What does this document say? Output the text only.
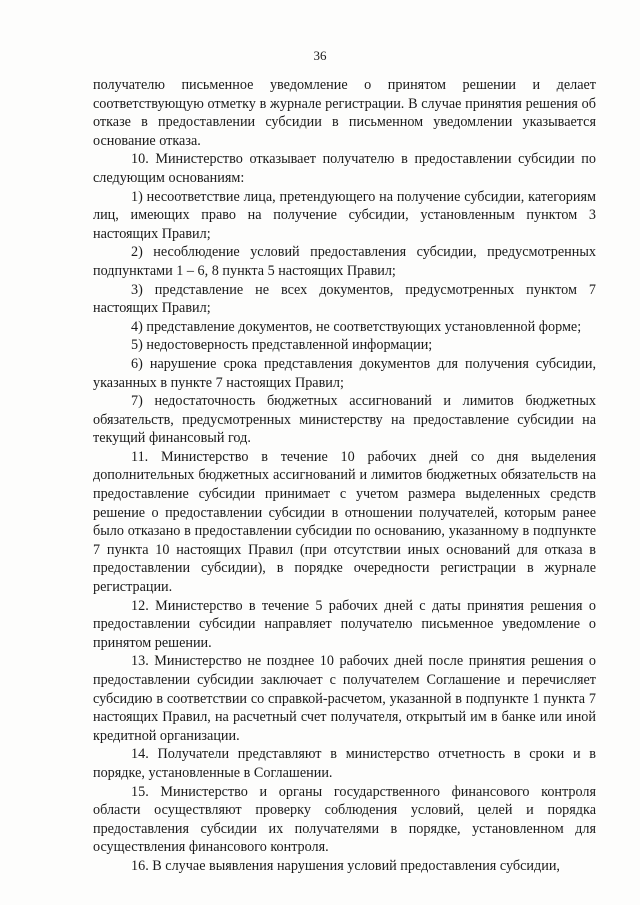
36

получателю письменное уведомление о принятом решении и делает соответствующую отметку в журнале регистрации. В случае принятия решения об отказе в предоставлении субсидии в письменном уведомлении указывается основание отказа.

10. Министерство отказывает получателю в предоставлении субсидии по следующим основаниям:

1) несоответствие лица, претендующего на получение субсидии, категориям лиц, имеющих право на получение субсидии, установленным пунктом 3 настоящих Правил;

2) несоблюдение условий предоставления субсидии, предусмотренных подпунктами 1 – 6, 8 пункта 5 настоящих Правил;

3) представление не всех документов, предусмотренных пунктом 7 настоящих Правил;

4) представление документов, не соответствующих установленной форме;

5) недостоверность представленной информации;

6) нарушение срока представления документов для получения субсидии, указанных в пункте 7 настоящих Правил;

7) недостаточность бюджетных ассигнований и лимитов бюджетных обязательств, предусмотренных министерству на предоставление субсидии на текущий финансовый год.

11. Министерство в течение 10 рабочих дней со дня выделения дополнительных бюджетных ассигнований и лимитов бюджетных обязательств на предоставление субсидии принимает с учетом размера выделенных средств решение о предоставлении субсидии в отношении получателей, которым ранее было отказано в предоставлении субсидии по основанию, указанному в подпункте 7 пункта 10 настоящих Правил (при отсутствии иных оснований для отказа в предоставлении субсидии), в порядке очередности регистрации в журнале регистрации.

12. Министерство в течение 5 рабочих дней с даты принятия решения о предоставлении субсидии направляет получателю письменное уведомление о принятом решении.

13. Министерство не позднее 10 рабочих дней после принятия решения о предоставлении субсидии заключает с получателем Соглашение и перечисляет субсидию в соответствии со справкой-расчетом, указанной в подпункте 1 пункта 7 настоящих Правил, на расчетный счет получателя, открытый им в банке или иной кредитной организации.

14. Получатели представляют в министерство отчетность в сроки и в порядке, установленные в Соглашении.

15. Министерство и органы государственного финансового контроля области осуществляют проверку соблюдения условий, целей и порядка предоставления субсидии их получателями в порядке, установленном для осуществления финансового контроля.

16. В случае выявления нарушения условий предоставления субсидии,
